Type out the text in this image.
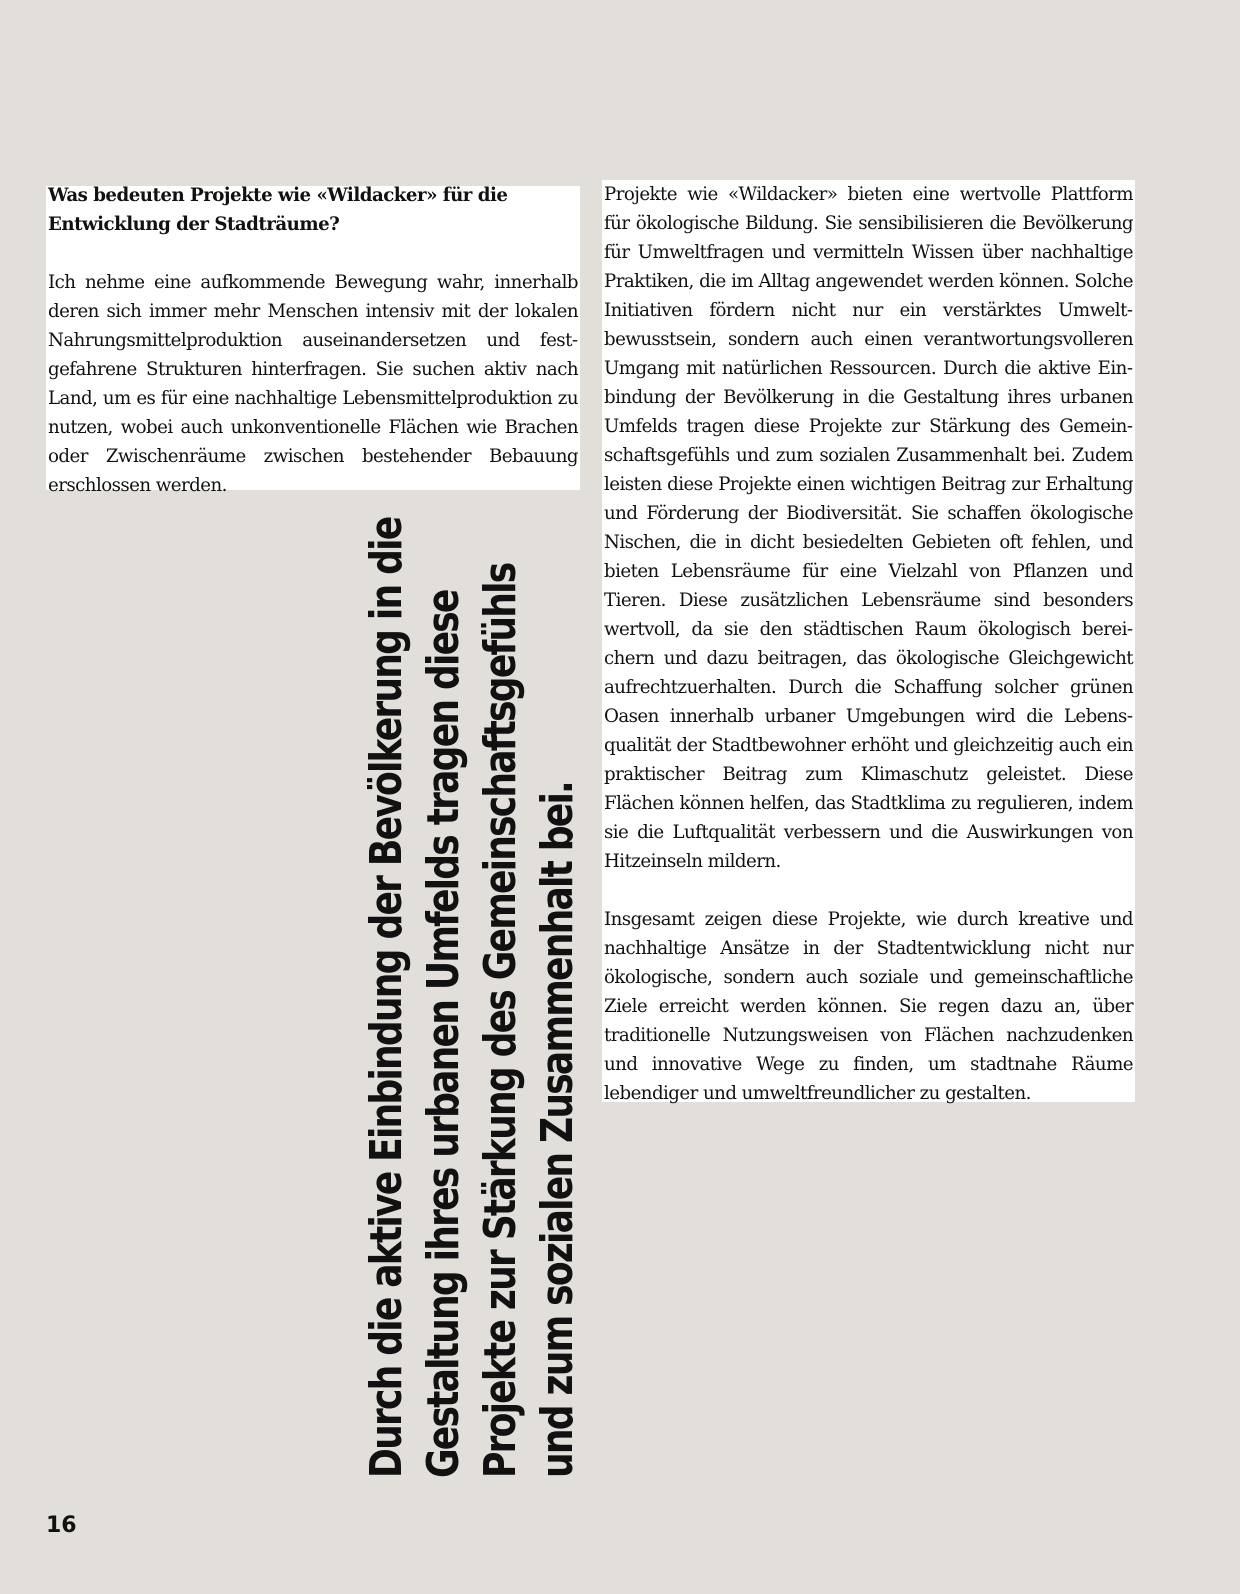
Was bedeuten Projekte wie «Wildacker» für die Entwicklung der Stadträume?

Ich nehme eine aufkommende Bewegung wahr, innerhalb deren sich immer mehr Menschen intensiv mit der lokalen Nahrungsmittelproduktion auseinandersetzen und festgefahrene Strukturen hinterfragen. Sie suchen aktiv nach Land, um es für eine nachhaltige Lebensmittelproduktion zu nutzen, wobei auch unkonventionelle Flächen wie Brachen oder Zwischenräume zwischen bestehender Bebauung erschlossen werden.

Projekte wie «Wildacker» bieten eine wertvolle Plattform für ökologische Bildung. Sie sensibilisieren die Bevölkerung für Umweltfragen und vermitteln Wissen über nachhaltige Praktiken, die im Alltag angewendet werden können. Solche Initiativen fördern nicht nur ein verstärktes Umweltbewusstsein, sondern auch einen verantwortungsvolleren Umgang mit natürlichen Ressourcen. Durch die aktive Einbindung der Bevölkerung in die Gestaltung ihres urbanen Umfelds tragen diese Projekte zur Stärkung des Gemeinschaftsgefühls und zum sozialen Zusammenhalt bei. Zudem leisten diese Projekte einen wichtigen Beitrag zur Erhaltung und Förderung der Biodiversität. Sie schaffen ökologische Nischen, die in dicht besiedelten Gebieten oft fehlen, und bieten Lebensräume für eine Vielzahl von Pflanzen und Tieren. Diese zusätzlichen Lebensräume sind besonders wertvoll, da sie den städtischen Raum ökologisch bereichern und dazu beitragen, das ökologische Gleichgewicht aufrechtzuerhalten. Durch die Schaffung solcher grünen Oasen innerhalb urbaner Umgebungen wird die Lebensqualität der Stadtbewohner erhöht und gleichzeitig auch ein praktischer Beitrag zum Klimaschutz geleistet. Diese Flächen können helfen, das Stadtklima zu regulieren, indem sie die Luftqualität verbessern und die Auswirkungen von Hitzeinseln mildern.

Insgesamt zeigen diese Projekte, wie durch kreative und nachhaltige Ansätze in der Stadtentwicklung nicht nur ökologische, sondern auch soziale und gemeinschaftliche Ziele erreicht werden können. Sie regen dazu an, über traditionelle Nutzungsweisen von Flächen nachzudenken und innovative Wege zu finden, um stadtnahe Räume lebendiger und umweltfreundlicher zu gestalten.

Durch die aktive Einbindung der Bevölkerung in die Gestaltung ihres urbanen Umfelds tragen diese Projekte zur Stärkung des Gemeinschaftsgefühls und zum sozialen Zusammenhalt bei.
16
